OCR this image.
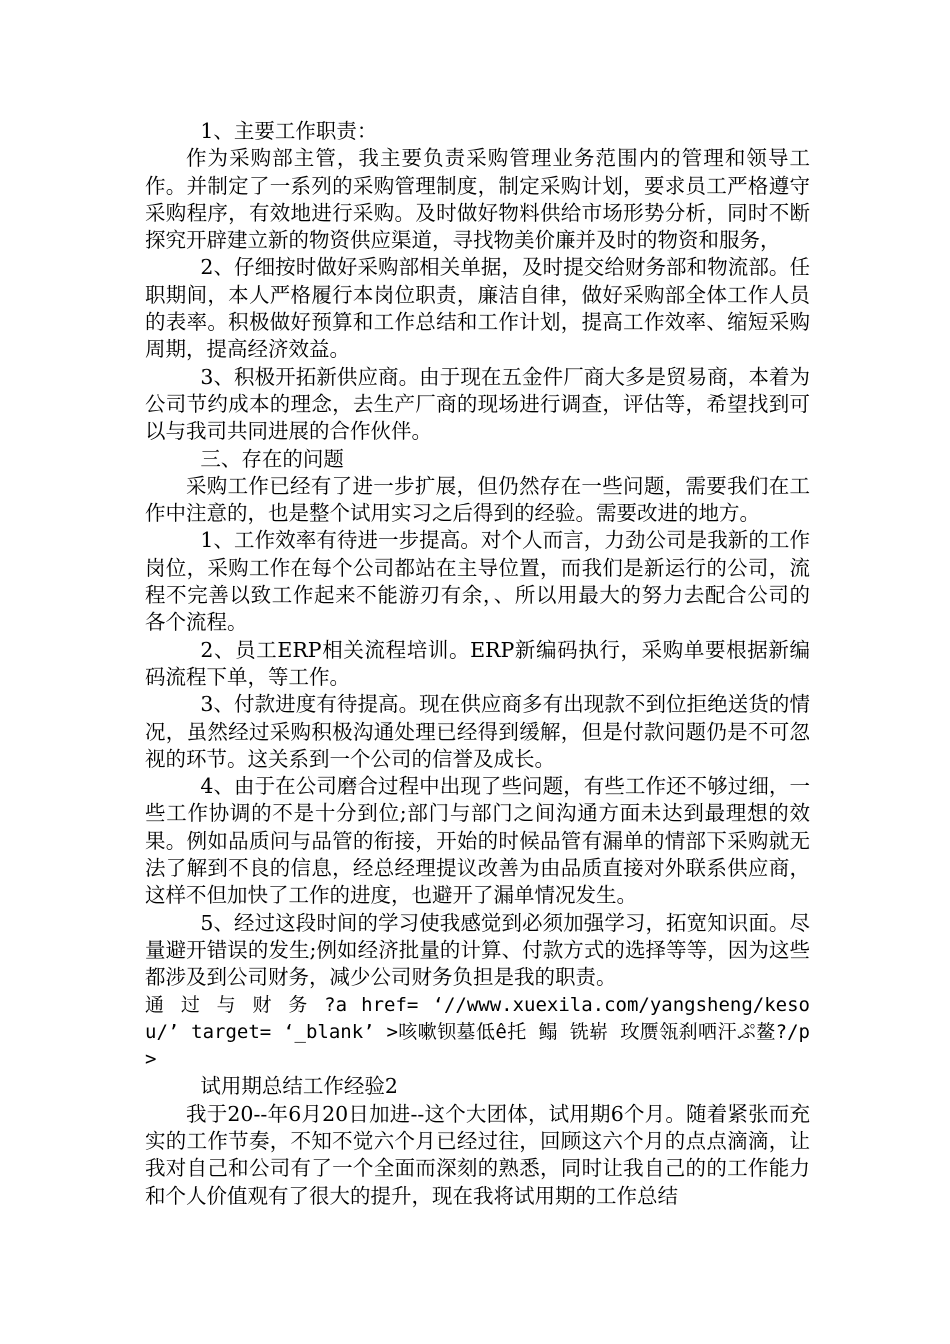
1、主要工作职责：

作为采购部主管，我主要负责采购管理业务范围内的管理和领导工作。并制定了一系列的采购管理制度，制定采购计划，要求员工严格遵守采购程序，有效地进行采购。及时做好物料供给市场形势分析，同时不断探究开辟建立新的物资供应渠道，寻找物美价廉并及时的物资和服务，

2、仔细按时做好采购部相关单据，及时提交给财务部和物流部。任职期间，本人严格履行本岗位职责，廉洁自律，做好采购部全体工作人员的表率。积极做好预算和工作总结和工作计划，提高工作效率、缩短采购周期，提高经济效益。

3、积极开拓新供应商。由于现在五金件厂商大多是贸易商，本着为公司节约成本的理念，去生产厂商的现场进行调查，评估等，希望找到可以与我司共同进展的合作伙伴。

三、存在的问题

采购工作已经有了进一步扩展，但仍然存在一些问题，需要我们在工作中注意的，也是整个试用实习之后得到的经验。需要改进的地方。

1、工作效率有待进一步提高。对个人而言，力劲公司是我新的工作岗位，采购工作在每个公司都站在主导位置，而我们是新运行的公司，流程不完善以致工作起来不能游刃有余，、所以用最大的努力去配合公司的各个流程。

2、员工ERP相关流程培训。ERP新编码执行，采购单要根据新编码流程下单，等工作。

3、付款进度有待提高。现在供应商多有出现款不到位拒绝送货的情况，虽然经过采购积极沟通处理已经得到缓解，但是付款问题仍是不可忽视的环节。这关系到一个公司的信誉及成长。

4、由于在公司磨合过程中出现了些问题，有些工作还不够过细，一些工作协调的不是十分到位;部门与部门之间沟通方面未达到最理想的效果。例如品质问与品管的衔接，开始的时候品管有漏单的情部下采购就无法了解到不良的信息，经总经理提议改善为由品质直接对外联系供应商，这样不但加快了工作的进度，也避开了漏单情况发生。

5、经过这段时间的学习使我感觉到必须加强学习，拓宽知识面。尽量避开错误的发生;例如经济批量的计算、付款方式的选择等等，因为这些都涉及到公司财务，减少公司财务负担是我的职责。

通 过 与 财 务 ?a href= ‘//www.xuexila.com/yangsheng/kesou/’ target= ‘_blank’ >咳嗽钡墓低ê托 鳎 铣崭 玫赝瓴刹哂汗ぷ鳌?/p>

试用期总结工作经验2

我于20--年6月20日加进--这个大团体，试用期6个月。随着紧张而充实的工作节奏，不知不觉六个月已经过往，回顾这六个月的点点滴滴，让我对自己和公司有了一个全面而深刻的熟悉，同时让我自己的的工作能力和个人价值观有了很大的提升，现在我将试用期的工作总结
